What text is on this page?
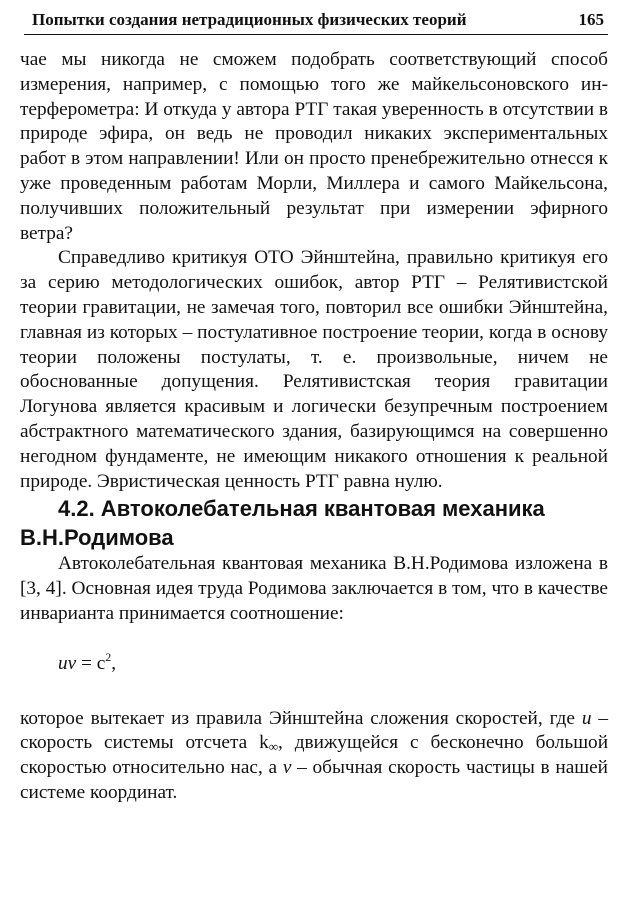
Попытки создания нетрадиционных физических теорий	165

чае мы никогда не сможем подобрать соответствующий способ измерения, например, с помощью того же майкельсоновского интерферометра: И откуда у автора РТГ такая уверенность в отсутствии в природе эфира, он ведь не проводил никаких экспериментальных работ в этом направлении! Или он просто пренебрежительно отнесся к уже проведенным работам Морли, Миллера и самого Майкельсона, получивших положительный результат при измерении эфирного ветра?

Справедливо критикуя ОТО Эйнштейна, правильно критикуя его за серию методологических ошибок, автор РТГ – Релятивистской теории гравитации, не замечая того, повторил все ошибки Эйнштейна, главная из которых – постулативное построение теории, когда в основу теории положены постулаты, т. е. произвольные, ничем не обоснованные допущения. Релятивистская теория гравитации Логунова является красивым и логически безупречным построением абстрактного математического здания, базирующимся на совершенно негодном фундаменте, не имеющим никакого отношения к реальной природе. Эвристическая ценность РТГ равна нулю.

4.2. Автоколебательная квантовая механика В.Н.Родимова

Автоколебательная квантовая механика В.Н.Родимова изложена в [3, 4]. Основная идея труда Родимова заключается в том, что в качестве инварианта принимается соотношение:

uv = $c^2$,

которое вытекает из правила Эйнштейна сложения скоростей, где u – скорость системы отсчета $k_\infty$, движущейся с бесконечно большой скоростью относительно нас, а v – обычная скорость частицы в нашей системе координат.
